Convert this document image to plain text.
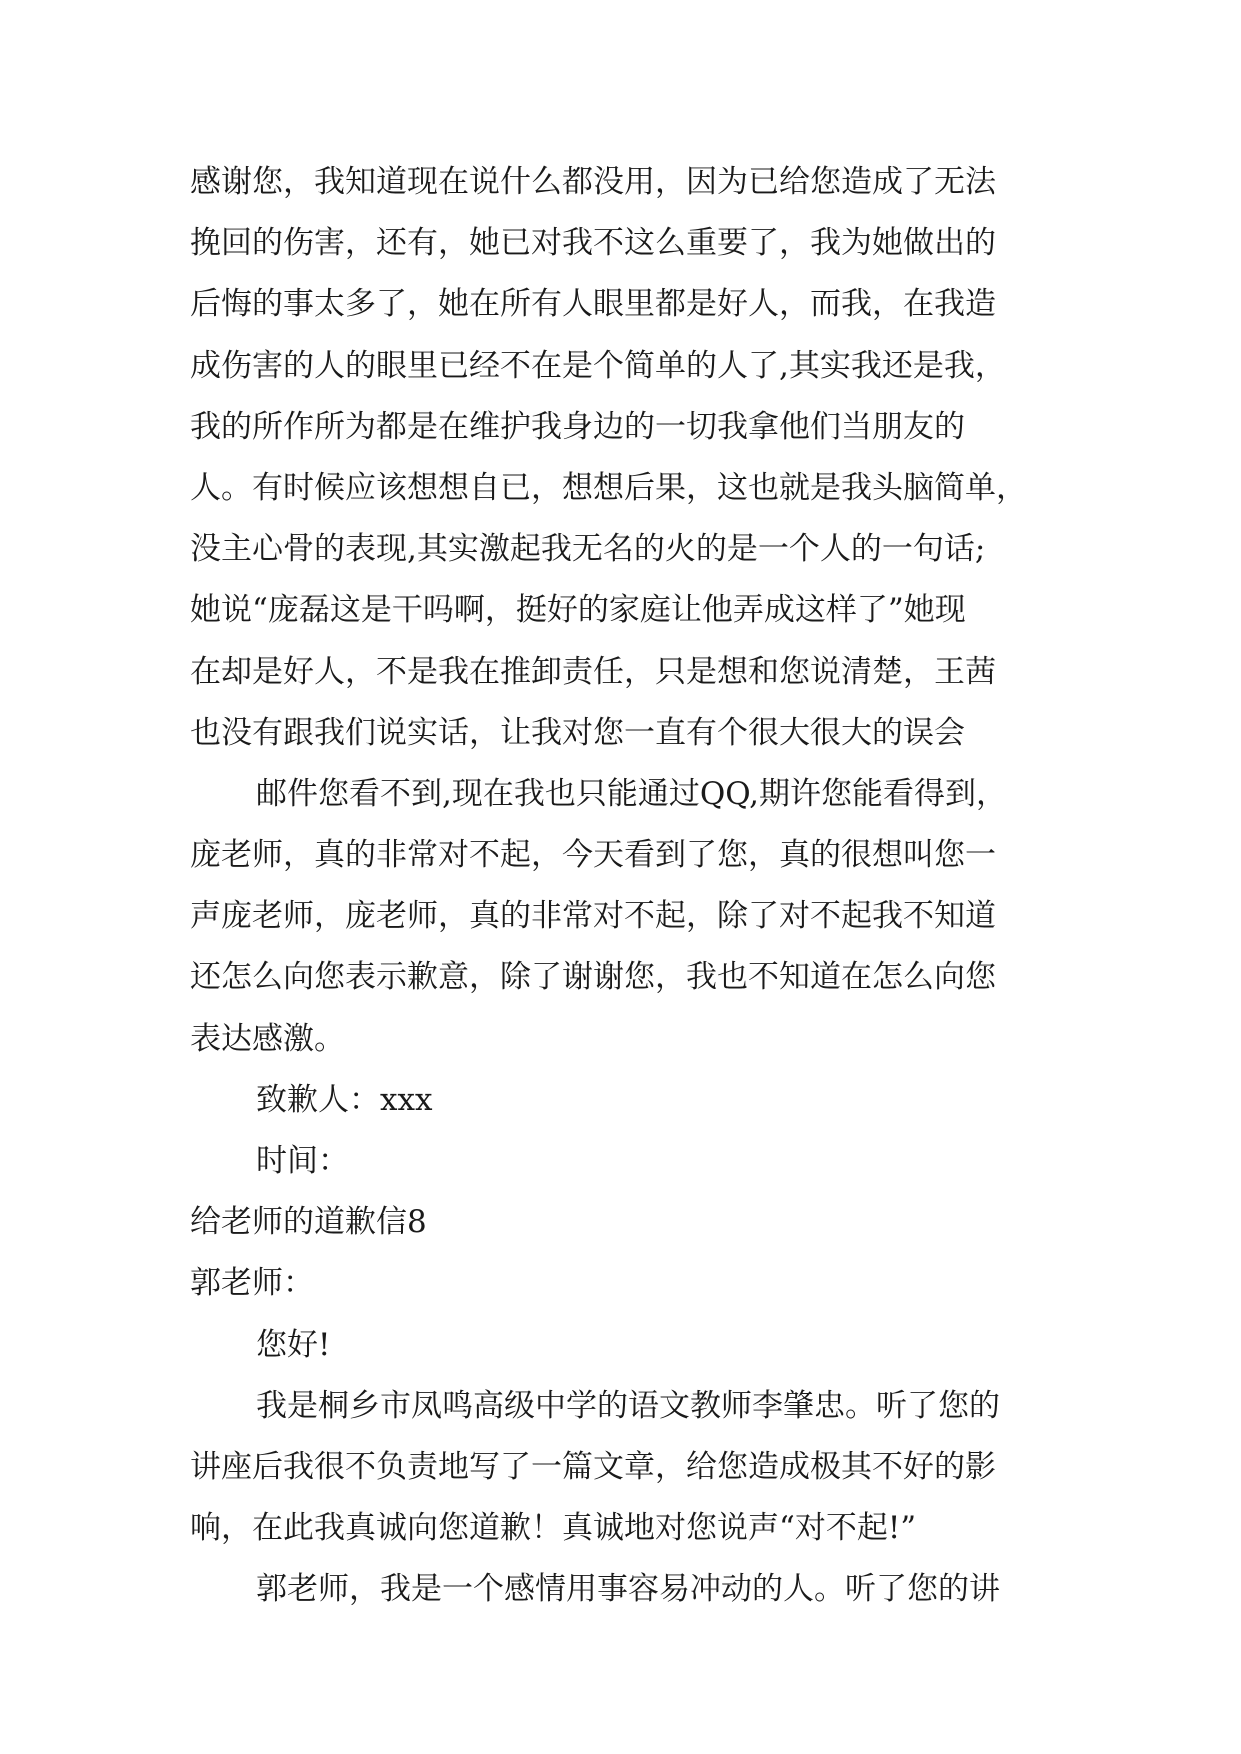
感谢您，我知道现在说什么都没用，因为已给您造成了无法
挽回的伤害，还有，她已对我不这么重要了，我为她做出的
后悔的事太多了，她在所有人眼里都是好人，而我，在我造
成伤害的人的眼里已经不在是个简单的人了,其实我还是我，
我的所作所为都是在维护我身边的一切我拿他们当朋友的
人。有时候应该想想自已，想想后果，这也就是我头脑简单，
没主心骨的表现,其实激起我无名的火的是一个人的一句话;
她说“庞磊这是干吗啊，挺好的家庭让他弄成这样了”她现
在却是好人，不是我在推卸责任，只是想和您说清楚，王茜
也没有跟我们说实话，让我对您一直有个很大很大的误会
邮件您看不到,现在我也只能通过QQ,期许您能看得到，
庞老师，真的非常对不起，今天看到了您，真的很想叫您一
声庞老师，庞老师，真的非常对不起，除了对不起我不知道
还怎么向您表示歉意，除了谢谢您，我也不知道在怎么向您
表达感激。
致歉人：xxx
时间：
给老师的道歉信8
郭老师：
您好!
我是桐乡市凤鸣高级中学的语文教师李肇忠。听了您的
讲座后我很不负责地写了一篇文章，给您造成极其不好的影
响，在此我真诚向您道歉！真诚地对您说声“对不起!”
郭老师，我是一个感情用事容易冲动的人。听了您的讲
